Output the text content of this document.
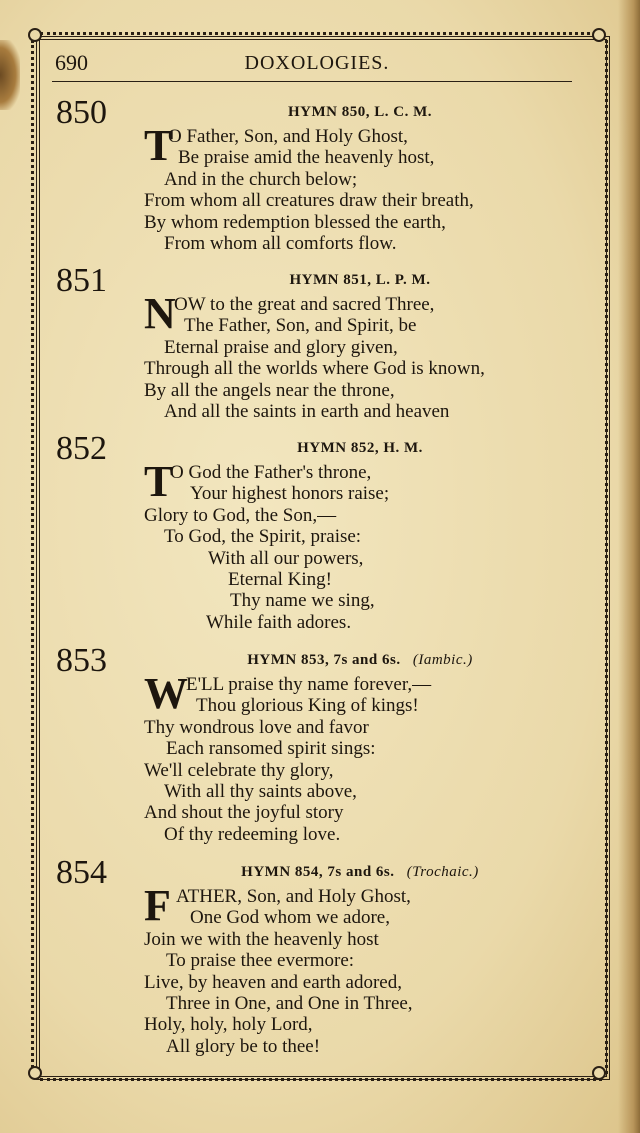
690	DOXOLOGIES.
850	HYMN 850, L. C. M.
T
O Father, Son, and Holy Ghost,
Be praise amid the heavenly host,
And in the church below;
From whom all creatures draw their breath,
By whom redemption blessed the earth,
From whom all comforts flow.
851	HYMN 851, L. P. M.
N
OW to the great and sacred Three,
The Father, Son, and Spirit, be
Eternal praise and glory given,
Through all the worlds where God is known,
By all the angels near the throne,
And all the saints in earth and heaven
852	HYMN 852, H. M.
T
O God the Father's throne,
Your highest honors raise;
Glory to God, the Son,—
To God, the Spirit, praise:
With all our powers,
Eternal King!
Thy name we sing,
While faith adores.
853	HYMN 853, 7s and 6s. (Iambic.)
W
E'LL praise thy name forever,—
Thou glorious King of kings!
Thy wondrous love and favor
Each ransomed spirit sings:
We'll celebrate thy glory,
With all thy saints above,
And shout the joyful story
Of thy redeeming love.
854	HYMN 854, 7s and 6s. (Trochaic.)
F ATHER, Son, and Holy Ghost,
One God whom we adore,
Join we with the heavenly host
To praise thee evermore:
Live, by heaven and earth adored,
Three in One, and One in Three,
Holy, holy, holy Lord,
All glory be to thee!
